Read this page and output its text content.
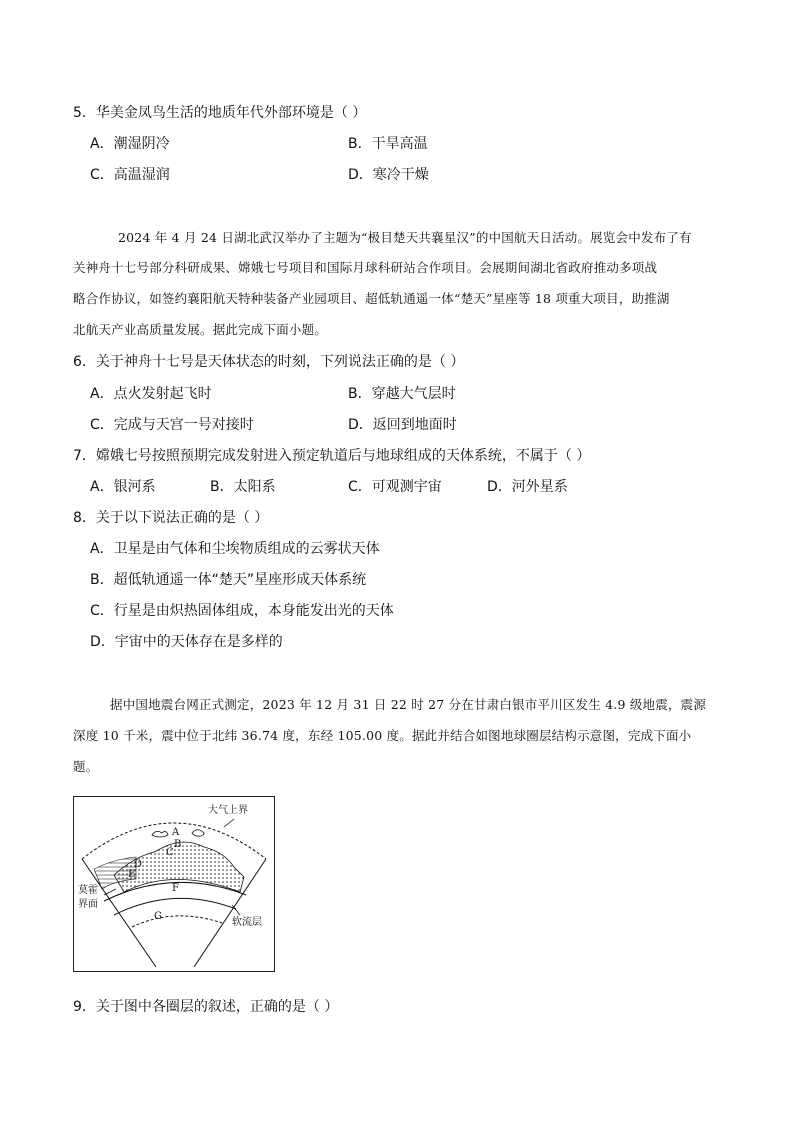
5．华美金凤鸟生活的地质年代外部环境是（ ）
A．潮湿阴冷	B．干旱高温
C．高温湿润	D．寒冷干燥
2024 年 4 月 24 日湖北武汉举办了主题为“极目楚天共襄星汉”的中国航天日活动。展览会中发布了有
关神舟十七号部分科研成果、嫦娥七号项目和国际月球科研站合作项目。会展期间湖北省政府推动多项战
略合作协议，如签约襄阳航天特种装备产业园项目、超低轨通遥一体“楚天”星座等 18 项重大项目，助推湖
北航天产业高质量发展。据此完成下面小题。
6．关于神舟十七号是天体状态的时刻，下列说法正确的是（ ）
A．点火发射起飞时	B．穿越大气层时
C．完成与天宫一号对接时	D．返回到地面时
7．嫦娥七号按照预期完成发射进入预定轨道后与地球组成的天体系统，不属于（ ）
A．银河系	B．太阳系	C．可观测宇宙	D．河外星系
8．关于以下说法正确的是（ ）
A．卫星是由气体和尘埃物质组成的云雾状天体
B．超低轨通遥一体“楚天”星座形成天体系统
C．行星是由炽热固体组成，本身能发出光的天体
D．宇宙中的天体存在是多样的
据中国地震台网正式测定，2023 年 12 月 31 日 22 时 27 分在甘肃白银市平川区发生 4.9 级地震，震源
深度 10 千米，震中位于北纬 36.74 度，东经 105.00 度。据此并结合如图地球圈层结构示意图，完成下面小
题。
大气上界
莫霍
界面
软流层
A
B
C
D
E
F
G
9．关于图中各圈层的叙述，正确的是（ ）
